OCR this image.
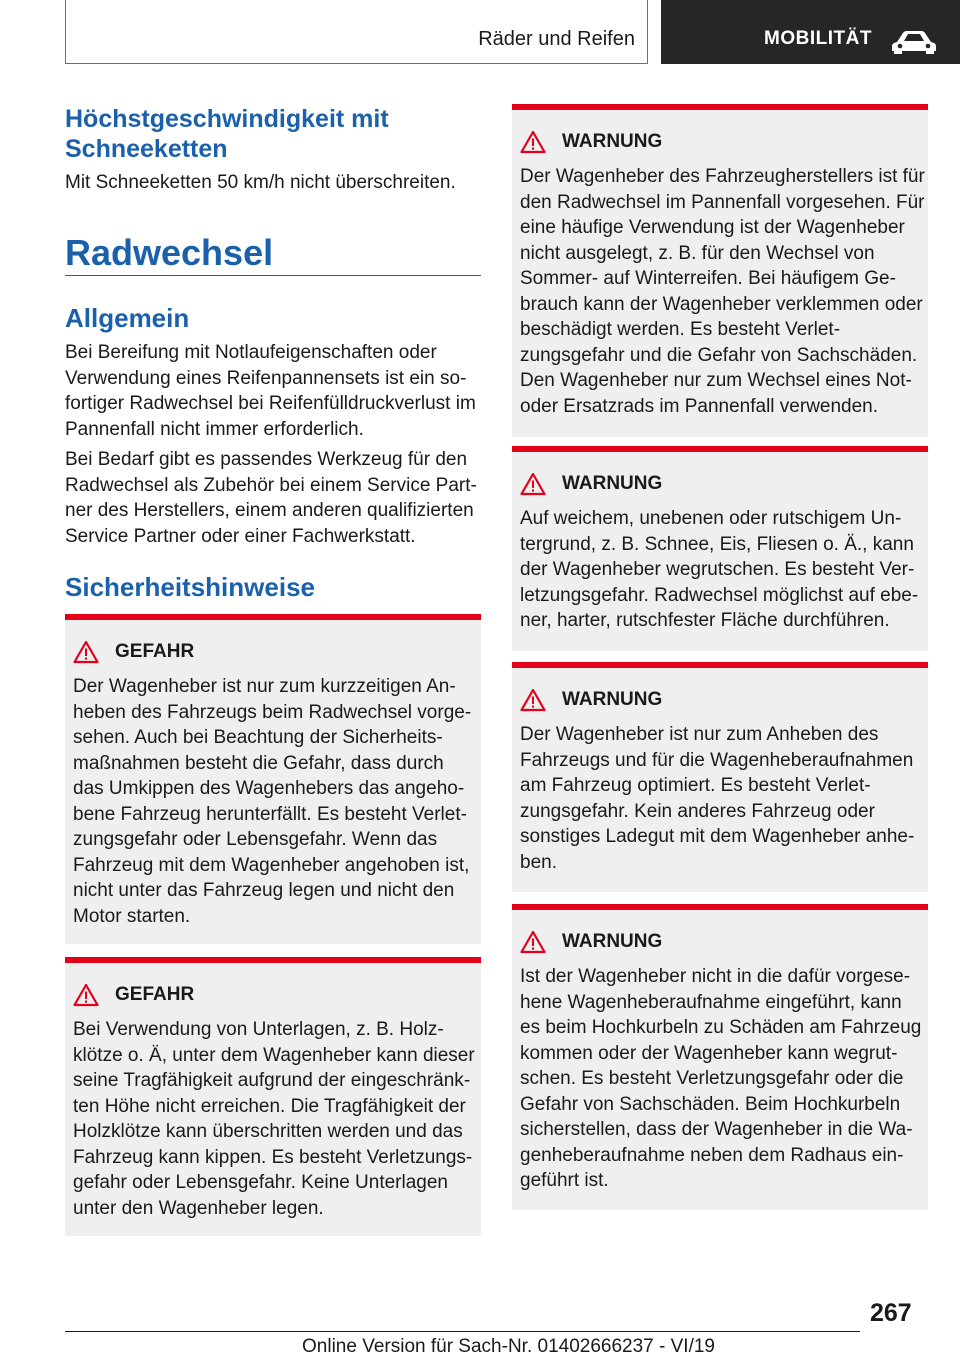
Räder und Reifen	MOBILITÄT
Höchstgeschwindigkeit mit Schneeketten

Mit Schneeketten 50 km/h nicht überschreiten.

Radwechsel
Allgemein

Bei Bereifung mit Notlaufeigenschaften oder Verwendung eines Reifenpannensets ist ein sofortiger Radwechsel bei Reifenfülldruckverlust im Pannenfall nicht immer erforderlich.

Bei Bedarf gibt es passendes Werkzeug für den Radwechsel als Zubehör bei einem Service Partner des Herstellers, einem anderen qualifizierten Service Partner oder einer Fachwerkstatt.

Sicherheitshinweise
GEFAHR

Der Wagenheber ist nur zum kurzzeitigen Anheben des Fahrzeugs beim Radwechsel vorgesehen. Auch bei Beachtung der Sicherheitsmaßnahmen besteht die Gefahr, dass durch das Umkippen des Wagenhebers das angehobene Fahrzeug herunterfällt. Es besteht Verletzungsgefahr oder Lebensgefahr. Wenn das Fahrzeug mit dem Wagenheber angehoben ist, nicht unter das Fahrzeug legen und nicht den Motor starten.

GEFAHR

Bei Verwendung von Unterlagen, z. B. Holzklötze o. Ä, unter dem Wagenheber kann dieser seine Tragfähigkeit aufgrund der eingeschränkten Höhe nicht erreichen. Die Tragfähigkeit der Holzklötze kann überschritten werden und das Fahrzeug kann kippen. Es besteht Verletzungsgefahr oder Lebensgefahr. Keine Unterlagen unter den Wagenheber legen.

WARNUNG

Der Wagenheber des Fahrzeugherstellers ist für den Radwechsel im Pannenfall vorgesehen. Für eine häufige Verwendung ist der Wagenheber nicht ausgelegt, z. B. für den Wechsel von Sommer- auf Winterreifen. Bei häufigem Gebrauch kann der Wagenheber verklemmen oder beschädigt werden. Es besteht Verletzungsgefahr und die Gefahr von Sachschäden. Den Wagenheber nur zum Wechsel eines Not- oder Ersatzrads im Pannenfall verwenden.

WARNUNG

Auf weichem, unebenen oder rutschigem Untergrund, z. B. Schnee, Eis, Fliesen o. Ä., kann der Wagenheber wegrutschen. Es besteht Verletzungsgefahr. Radwechsel möglichst auf ebener, harter, rutschfester Fläche durchführen.

WARNUNG

Der Wagenheber ist nur zum Anheben des Fahrzeugs und für die Wagenheberaufnahmen am Fahrzeug optimiert. Es besteht Verletzungsgefahr. Kein anderes Fahrzeug oder sonstiges Ladegut mit dem Wagenheber anheben.

WARNUNG

Ist der Wagenheber nicht in die dafür vorgesehene Wagenheberaufnahme eingeführt, kann es beim Hochkurbeln zu Schäden am Fahrzeug kommen oder der Wagenheber kann wegrutschen. Es besteht Verletzungsgefahr oder die Gefahr von Sachschäden. Beim Hochkurbeln sicherstellen, dass der Wagenheber in die Wagenheberaufnahme neben dem Radhaus eingeführt ist.

267
Online Version für Sach-Nr. 01402666237 - VI/19
